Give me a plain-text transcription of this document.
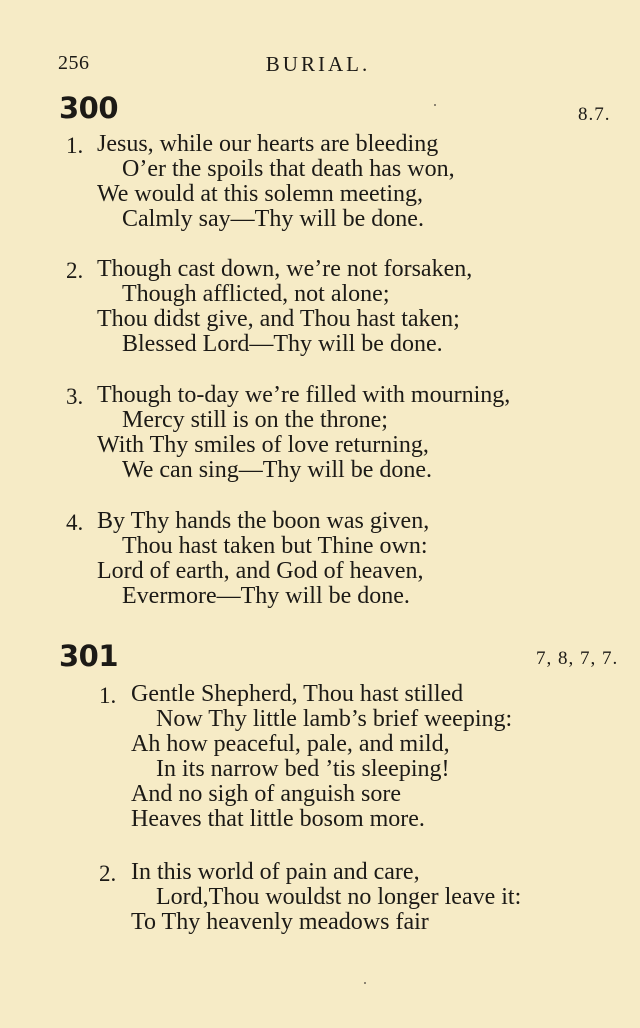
256	BURIAL.
300	8.7.
1. Jesus, while our hearts are bleeding
O’er the spoils that death has won,
We would at this solemn meeting,
Calmly say—Thy will be done.
2. Though cast down, we’re not forsaken,
Though afflicted, not alone;
Thou didst give, and Thou hast taken;
Blessed Lord—Thy will be done.
3. Though to-day we’re filled with mourning,
Mercy still is on the throne;
With Thy smiles of love returning,
We can sing—Thy will be done.
4. By Thy hands the boon was given,
Thou hast taken but Thine own:
Lord of earth, and God of heaven,
Evermore—Thy will be done.
301	7, 8, 7, 7.
1. Gentle Shepherd, Thou hast stilled
Now Thy little lamb’s brief weeping:
Ah how peaceful, pale, and mild,
In its narrow bed ’tis sleeping!
And no sigh of anguish sore
Heaves that little bosom more.
2. In this world of pain and care,
Lord,Thou wouldst no longer leave it:
To Thy heavenly meadows fair
